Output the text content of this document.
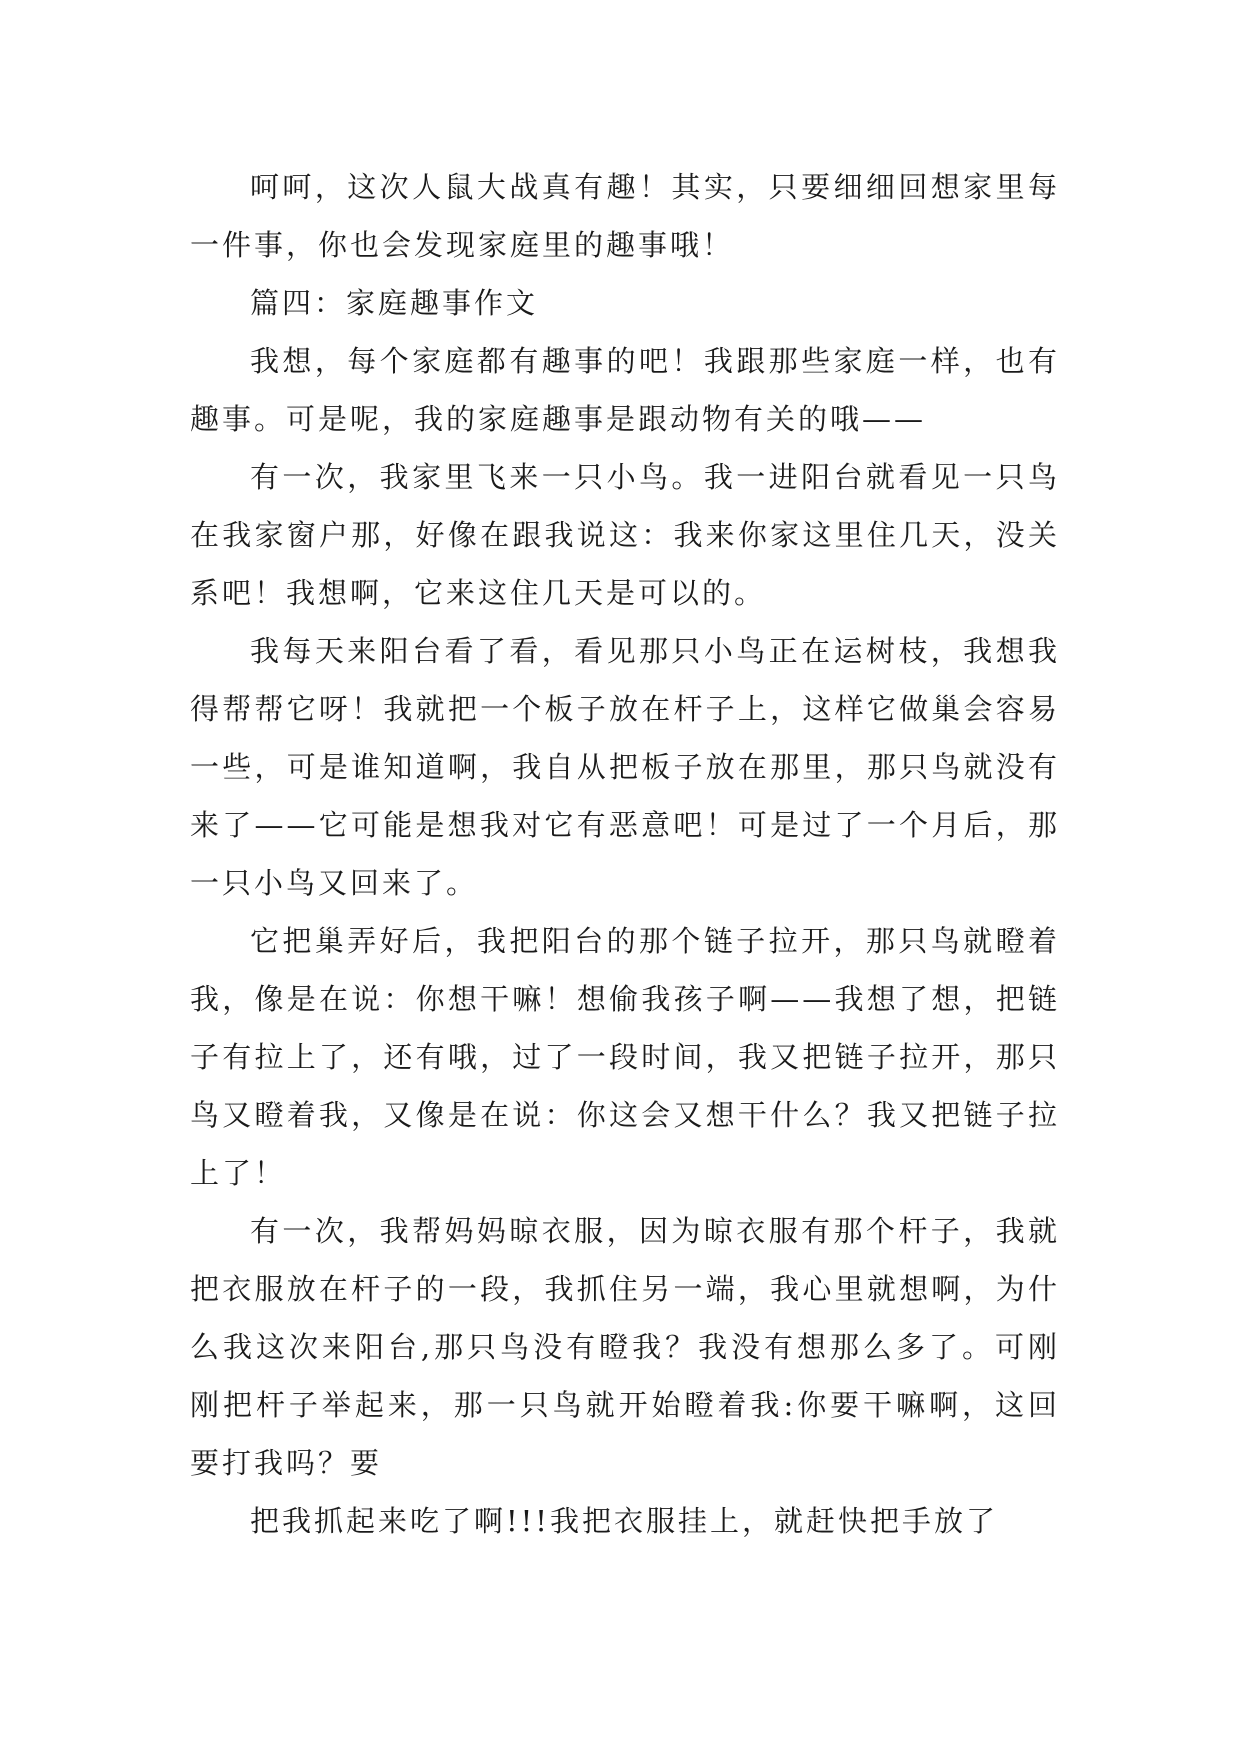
呵呵，这次人鼠大战真有趣！其实，只要细细回想家里每一件事，你也会发现家庭里的趣事哦！

篇四：家庭趣事作文

我想，每个家庭都有趣事的吧！我跟那些家庭一样，也有趣事。可是呢，我的家庭趣事是跟动物有关的哦——

有一次，我家里飞来一只小鸟。我一进阳台就看见一只鸟在我家窗户那，好像在跟我说这：我来你家这里住几天，没关系吧！我想啊，它来这住几天是可以的。

我每天来阳台看了看，看见那只小鸟正在运树枝，我想我得帮帮它呀！我就把一个板子放在杆子上，这样它做巢会容易一些，可是谁知道啊，我自从把板子放在那里，那只鸟就没有来了——它可能是想我对它有恶意吧！可是过了一个月后，那一只小鸟又回来了。

它把巢弄好后，我把阳台的那个链子拉开，那只鸟就瞪着我，像是在说：你想干嘛！想偷我孩子啊——我想了想，把链子有拉上了，还有哦，过了一段时间，我又把链子拉开，那只鸟又瞪着我，又像是在说：你这会又想干什么？我又把链子拉上了！

有一次，我帮妈妈晾衣服，因为晾衣服有那个杆子，我就把衣服放在杆子的一段，我抓住另一端，我心里就想啊，为什么我这次来阳台,那只鸟没有瞪我？我没有想那么多了。可刚刚把杆子举起来，那一只鸟就开始瞪着我:你要干嘛啊，这回要打我吗？要

把我抓起来吃了啊!!!我把衣服挂上，就赶快把手放了
